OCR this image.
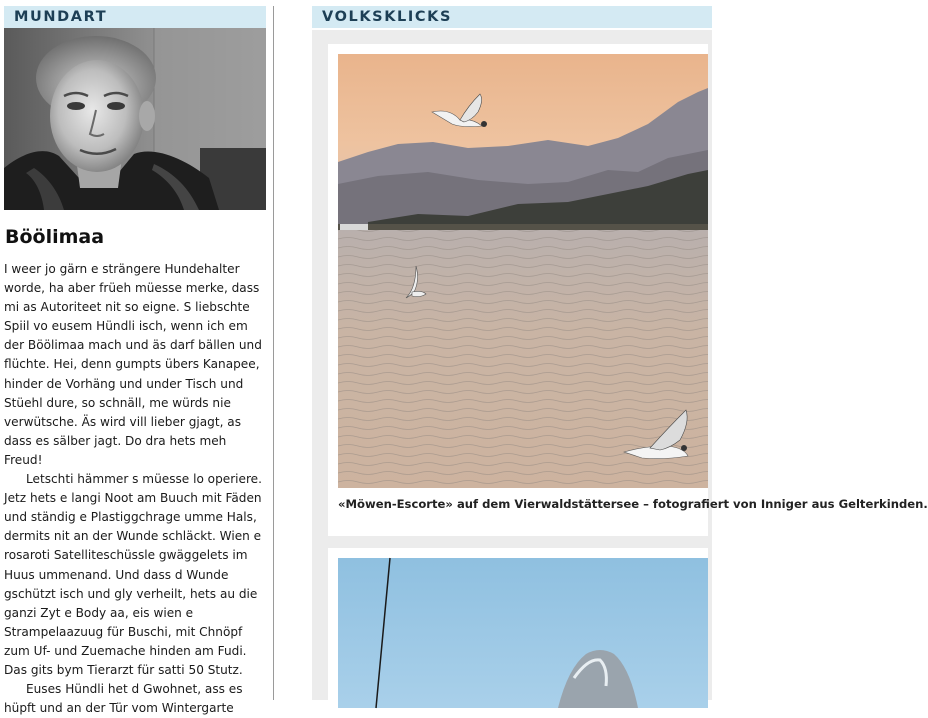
MUNDART
Böölimaa

I weer jo gärn e strängere Hundehalter worde, ha aber früeh müesse merke, dass mi as Autoriteet nit so eigne. S liebschte Spiil vo eusem Hündli isch, wenn ich em der Böölimaa mach und äs darf bällen und flüchte. Hei, denn gumpts übers Kanapee, hinder de Vorhäng und under Tisch und Stüehl dure, so schnäll, me würds nie verwütsche. Äs wird vill lieber gjagt, as dass es sälber jagt. Do dra hets meh Freud!

Letschti hämmer s müesse lo operiere. Jetz hets e langi Noot am Buuch mit Fäden und ständig e Plastiggchrage umme Hals, dermits nit an der Wunde schläckt. Wien e rosaroti Satelliteschüssle gwäggelets im Huus ummenand. Und dass d Wunde gschützt isch und gly verheilt, hets au die ganzi Zyt e Body aa, eis wien e Strampelaazuug für Buschi, mit Chnöpf zum Uf- und Zuemache hinden am Fudi. Das gits bym Tierarzt für satti 50 Stutz.

Euses Hündli het d Gwohnet, ass es hüpft und an der Tür vom Wintergarte

VOLKSKLICKS
«Möwen-Escorte» auf dem Vierwaldstättersee – fotografiert von Inniger aus Gelterkinden.
